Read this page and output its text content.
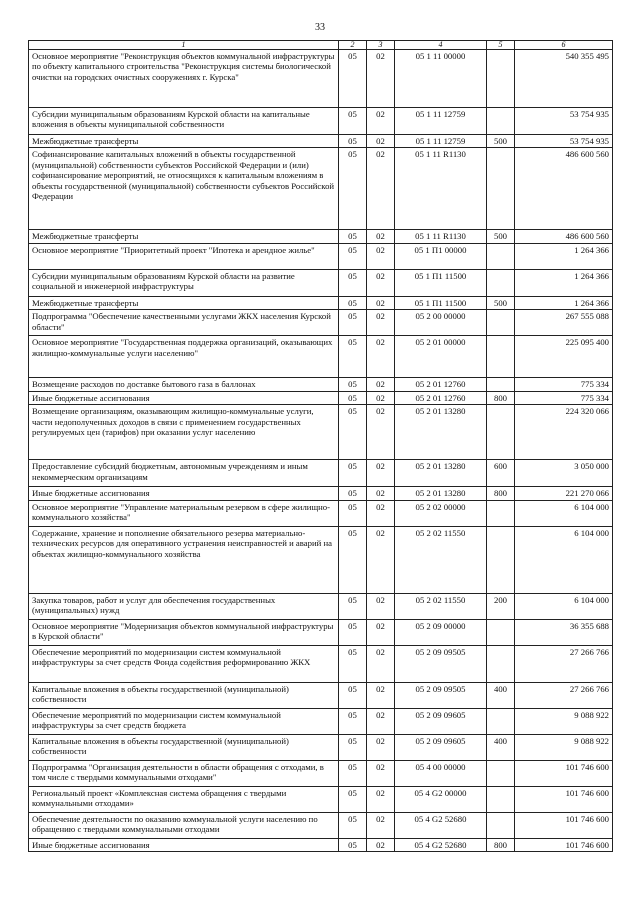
33
1	2	3	4	5	6
Основное мероприятие "Реконструкция объектов коммунальной инфраструктуры по объекту капитального строительства "Реконструкция системы биологической очистки на городских очистных сооружениях г. Курска"	05	02	05 1 11 00000		540 355 495
Субсидии муниципальным образованиям Курской области на капитальные вложения в объекты муниципальной собственности	05	02	05 1 11 12759		53 754 935
Межбюджетные трансферты	05	02	05 1 11 12759	500	53 754 935
Софинансирование капитальных вложений в объекты государственной (муниципальной) собственности субъектов Российской Федерации и (или) софинансирование мероприятий, не относящихся к капитальным вложениям в объекты государственной (муниципальной) собственности субъектов Российской Федерации	05	02	05 1 11 R1130		486 600 560
Межбюджетные трансферты	05	02	05 1 11 R1130	500	486 600 560
Основное мероприятие "Приоритетный проект "Ипотека и арендное жилье"	05	02	05 1 П1 00000		1 264 366
Субсидии муниципальным образованиям Курской области на развитие социальной и инженерной инфраструктуры	05	02	05 1 П1 11500		1 264 366
Межбюджетные трансферты	05	02	05 1 П1 11500	500	1 264 366
Подпрограмма "Обеспечение качественными услугами ЖКХ населения Курской области"	05	02	05 2 00 00000		267 555 088
Основное мероприятие "Государственная поддержка организаций, оказывающих жилищно-коммунальные услуги населению"	05	02	05 2 01 00000		225 095 400
Возмещение расходов по доставке бытового газа в баллонах	05	02	05 2 01 12760		775 334
Иные бюджетные ассигнования	05	02	05 2 01 12760	800	775 334
Возмещение организациям, оказывающим жилищно-коммунальные услуги, части недополученных доходов в связи с применением государственных регулируемых цен (тарифов) при оказании услуг населению	05	02	05 2 01 13280		224 320 066
Предоставление субсидий бюджетным, автономным учреждениям и иным некоммерческим организациям	05	02	05 2 01 13280	600	3 050 000
Иные бюджетные ассигнования	05	02	05 2 01 13280	800	221 270 066
Основное мероприятие "Управление материальным резервом в сфере жилищно-коммунального хозяйства"	05	02	05 2 02 00000		6 104 000
Содержание, хранение и пополнение обязательного резерва материально-технических ресурсов для оперативного устранения неисправностей и аварий на объектах жилищно-коммунального хозяйства	05	02	05 2 02 11550		6 104 000
Закупка товаров, работ и услуг для обеспечения государственных (муниципальных) нужд	05	02	05 2 02 11550	200	6 104 000
Основное мероприятие "Модернизация объектов коммунальной инфраструктуры в Курской области"	05	02	05 2 09 00000		36 355 688
Обеспечение мероприятий по модернизации систем коммунальной инфраструктуры за счет средств Фонда содействия реформированию ЖКХ	05	02	05 2 09 09505		27 266 766
Капитальные вложения в объекты государственной (муниципальной) собственности	05	02	05 2 09 09505	400	27 266 766
Обеспечение мероприятий по модернизации систем коммунальной инфраструктуры за счет средств бюджета	05	02	05 2 09 09605		9 088 922
Капитальные вложения в объекты государственной (муниципальной) собственности	05	02	05 2 09 09605	400	9 088 922
Подпрограмма "Организация деятельности в области обращения с отходами, в том числе с твердыми коммунальными отходами"	05	02	05 4 00 00000		101 746 600
Региональный проект «Комплексная система обращения с твердыми коммунальными отходами»	05	02	05 4 G2 00000		101 746 600
Обеспечение деятельности по оказанию коммунальной услуги населению по обращению с твердыми коммунальными отходами	05	02	05 4 G2 52680		101 746 600
Иные бюджетные ассигнования	05	02	05 4 G2 52680	800	101 746 600
